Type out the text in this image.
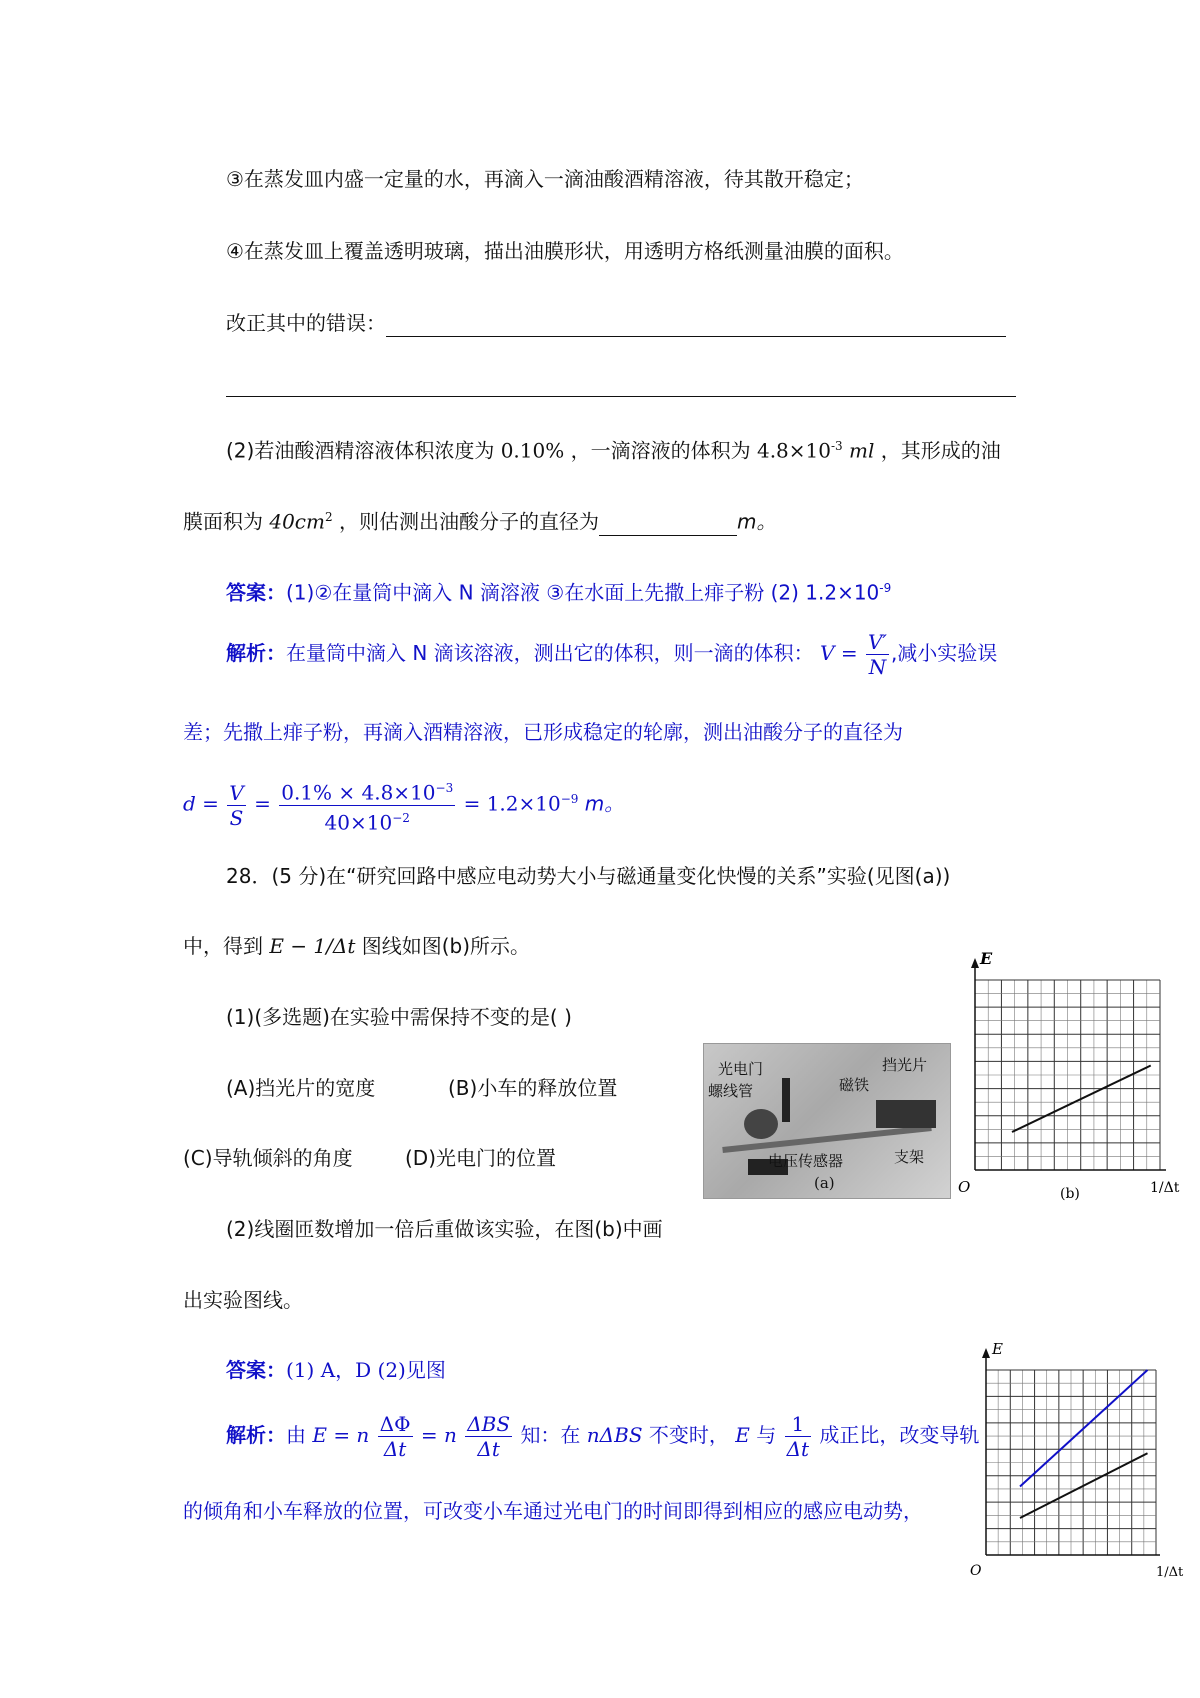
③在蒸发皿内盛一定量的水，再滴入一滴油酸酒精溶液，待其散开稳定；
④在蒸发皿上覆盖透明玻璃，描出油膜形状，用透明方格纸测量油膜的面积。
改正其中的错误：
(2)若油酸酒精溶液体积浓度为 0.10% ，一滴溶液的体积为 $4.8\times 10^{-3}$ ml ，其形成的油
膜面积为 $40cm^2$ ，则估测出油酸分子的直径为	m。
答案：(1)②在量筒中滴入 N 滴溶液 ③在水面上先撒上痱子粉 (2) $1.2\times 10^{-9}$
解析：在量筒中滴入 N 滴该溶液，测出它的体积，则一滴的体积： $V = \frac{V'}{N}$ ,减小实验误
差；先撒上痱子粉，再滴入酒精溶液，已形成稳定的轮廓，测出油酸分子的直径为
$d = \frac{V}{S} = \frac{0.1\% \times 4.8\times 10^{-3}}{40\times 10^{-2}} = 1.2\times 10^{-9}$ m。
28．(5 分)在“研究回路中感应电动势大小与磁通量变化快慢的关系”实验(见图(a))
中，得到 E − 1/Δt 图线如图(b)所示。
(1)(多选题)在实验中需保持不变的是( )
(A)挡光片的宽度	(B)小车的释放位置
(C)导轨倾斜的角度	(D)光电门的位置
(2)线圈匝数增加一倍后重做该实验，在图(b)中画
出实验图线。
答案：(1) A，D (2)见图
解析：由 E = n $\frac{\Delta\Phi}{\Delta t} = n \frac{\text{ΔBS}}{\Delta t}$ 知：在 nΔBS 不变时， E 与 $\frac{1}{\Delta t}$ 成正比，改变导轨
的倾角和小车释放的位置，可改变小车通过光电门的时间即得到相应的感应电动势，
光电门
螺线管	磁铁
挡光片
电压传感器	支架
(a)
E
O	1/Δt
(b)
E
O	1/Δt
